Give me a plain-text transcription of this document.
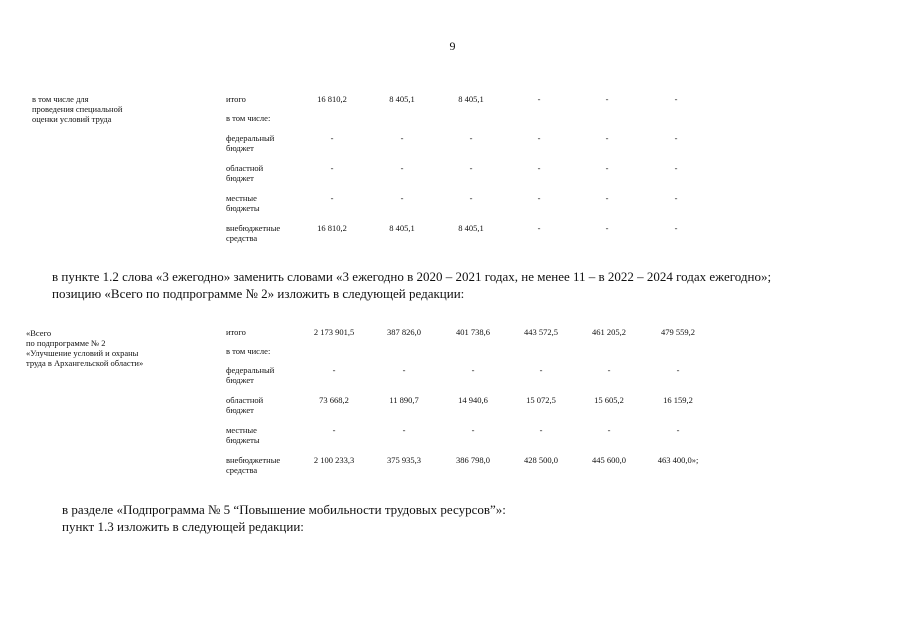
9
в том числе для
проведения специальной
оценки условий труда
итого	16 810,2	8 405,1	8 405,1	-	-	-
в том числе:
федеральный
бюджет
-	-	-	-	-	-
областной
бюджет
-	-	-	-	-	-
местные
бюджеты
-	-	-	-	-	-
внебюджетные
средства
16 810,2	8 405,1	8 405,1	-	-	-
в пункте 1.2 слова «3 ежегодно» заменить словами «3 ежегодно в 2020 – 2021 годах, не менее 11 – в 2022 – 2024 годах ежегодно»;
позицию «Всего по подпрограмме № 2» изложить в следующей редакции:
«Всего
по подпрограмме № 2
«Улучшение условий и охраны
труда в Архангельской области»
итого	2 173 901,5	387 826,0	401 738,6	443 572,5	461 205,2	479 559,2
в том числе:
федеральный
бюджет
-	-	-	-	-	-
областной
бюджет
73 668,2	11 890,7	14 940,6	15 072,5	15 605,2	16 159,2
местные
бюджеты
-	-	-	-	-	-
внебюджетные
средства
2 100 233,3	375 935,3	386 798,0	428 500,0	445 600,0	463 400,0»;
в разделе «Подпрограмма № 5 “Повышение мобильности трудовых ресурсов”»:
пункт 1.3 изложить в следующей редакции:
